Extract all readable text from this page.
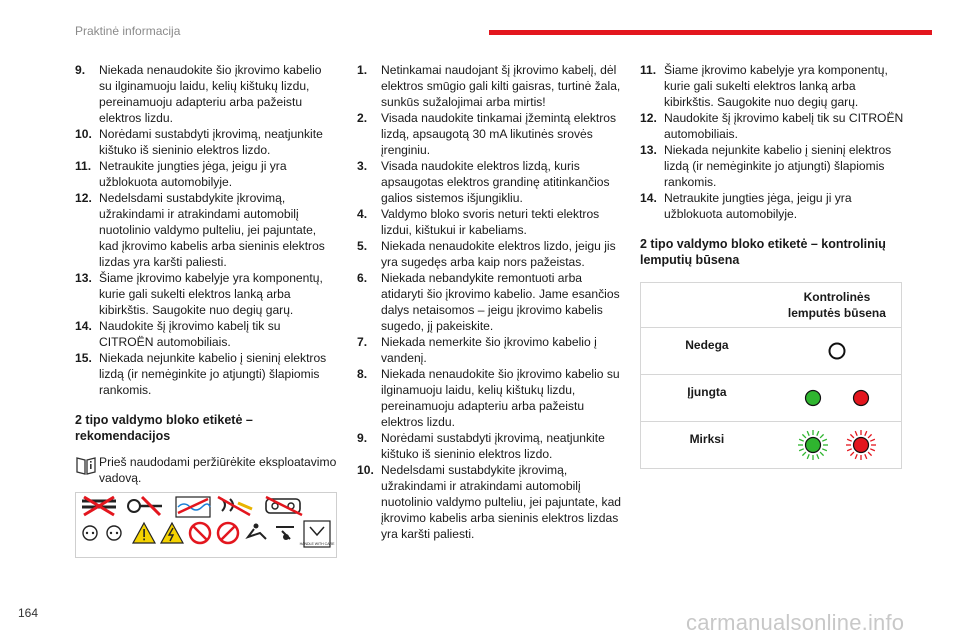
Praktinė informacija
9.	Niekada nenaudokite šio įkrovimo kabelio su ilginamuoju laidu, kelių kištukų lizdu, pereinamuoju adapteriu arba pažeistu elektros lizdu.
10. Norėdami sustabdyti įkrovimą, neatjunkite kištuko iš sieninio elektros lizdo.
11. Netraukite jungties jėga, jeigu ji yra užblokuota automobilyje.
12. Nedelsdami sustabdykite įkrovimą, užrakindami ir atrakindami automobilį nuotolinio valdymo pulteliu, jei pajuntate, kad įkrovimo kabelis arba sieninis elektros lizdas yra karšti paliesti.
13. Šiame įkrovimo kabelyje yra komponentų, kurie gali sukelti elektros lanką arba kibirkštis. Saugokite nuo degių garų.
14. Naudokite šį įkrovimo kabelį tik su CITROËN automobiliais.
15. Niekada nejunkite kabelio į sieninį elektros lizdą (ir nemėginkite jo atjungti) šlapiomis rankomis.
2 tipo valdymo bloko etiketė – rekomendacijos
Prieš naudodami peržiūrėkite eksploatavimo vadovą.
HANDLE WITH CARE
1.	Netinkamai naudojant šį įkrovimo kabelį, dėl elektros smūgio gali kilti gaisras, turtinė žala, sunkūs sužalojimai arba mirtis!
2.	Visada naudokite tinkamai įžemintą elektros lizdą, apsaugotą 30 mA likutinės srovės įrenginiu.
3.	Visada naudokite elektros lizdą, kuris apsaugotas elektros grandinę atitinkančios galios sistemos išjungikliu.
4.	Valdymo bloko svoris neturi tekti elektros lizdui, kištukui ir kabeliams.
5.	Niekada nenaudokite elektros lizdo, jeigu jis yra sugedęs arba kaip nors pažeistas.
6.	Niekada nebandykite remontuoti arba atidaryti šio įkrovimo kabelio. Jame esančios dalys netaisomos – jeigu įkrovimo kabelis sugedo, jį pakeiskite.
7.	Niekada nemerkite šio įkrovimo kabelio į vandenį.
8.	Niekada nenaudokite šio įkrovimo kabelio su ilginamuoju laidu, kelių kištukų lizdu, pereinamuoju adapteriu arba pažeistu elektros lizdu.
9.	Norėdami sustabdyti įkrovimą, neatjunkite kištuko iš sieninio elektros lizdo.
10. Nedelsdami sustabdykite įkrovimą, užrakindami ir atrakindami automobilį nuotolinio valdymo pulteliu, jei pajuntate, kad įkrovimo kabelis arba sieninis elektros lizdas yra karšti paliesti.
11. Šiame įkrovimo kabelyje yra komponentų, kurie gali sukelti elektros lanką arba kibirkštis. Saugokite nuo degių garų.
12. Naudokite šį įkrovimo kabelį tik su CITROËN automobiliais.
13. Niekada nejunkite kabelio į sieninį elektros lizdą (ir nemėginkite jo atjungti) šlapiomis rankomis.
14. Netraukite jungties jėga, jeigu ji yra užblokuota automobilyje.
2 tipo valdymo bloko etiketė – kontrolinių lemputių būsena
	Kontrolinės lemputės būsena
Nedega	

Įjungta	

Mirksi	
164	carmanualsonline.info
